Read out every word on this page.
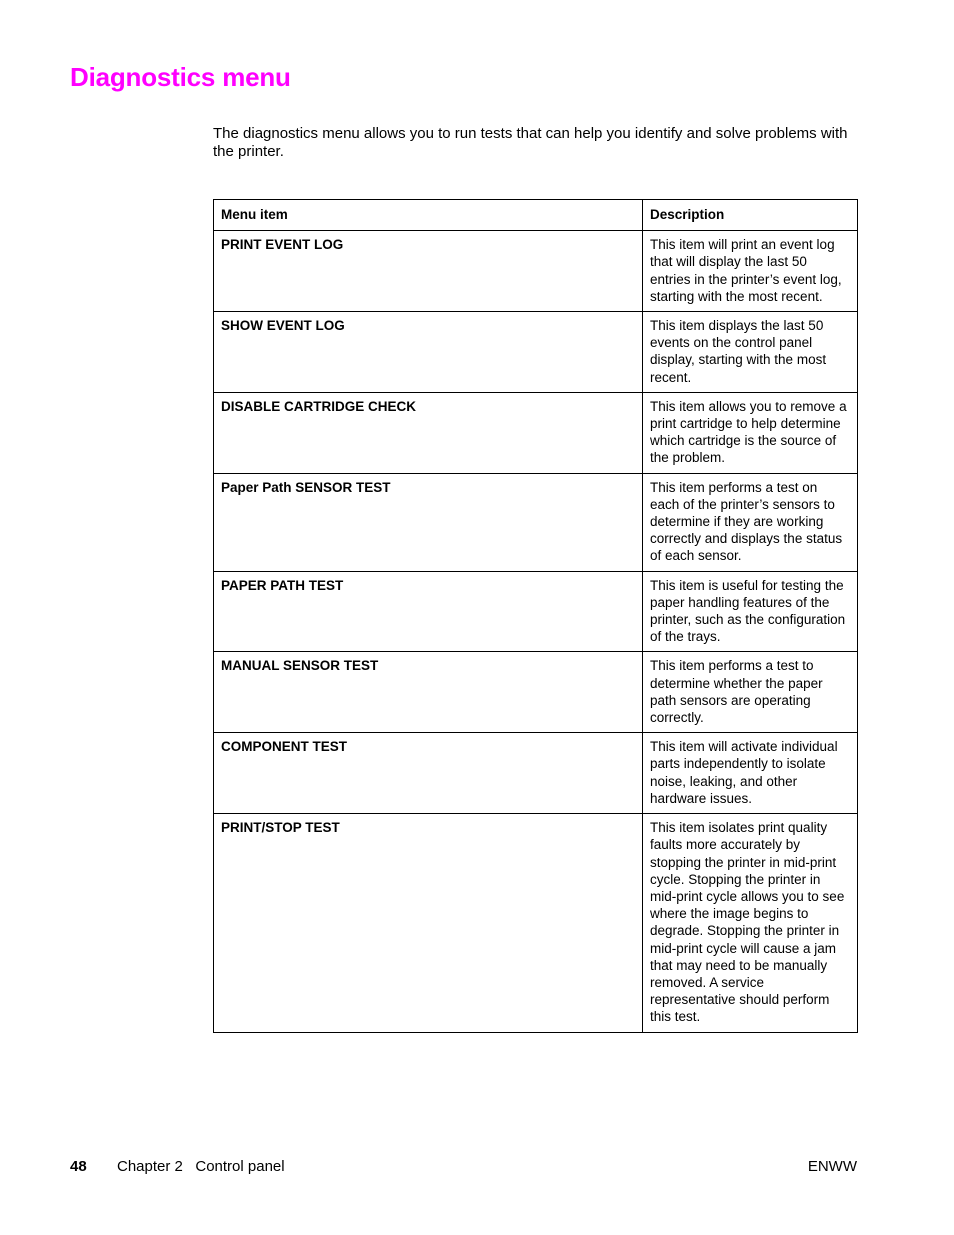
Diagnostics menu

The diagnostics menu allows you to run tests that can help you identify and solve problems with the printer.

Menu item	Description
PRINT EVENT LOG	This item will print an event log that will display the last 50 entries in the printer’s event log, starting with the most recent.
SHOW EVENT LOG	This item displays the last 50 events on the control panel display, starting with the most recent.
DISABLE CARTRIDGE CHECK	This item allows you to remove a print cartridge to help determine which cartridge is the source of the problem.
Paper Path SENSOR TEST	This item performs a test on each of the printer’s sensors to determine if they are working correctly and displays the status of each sensor.
PAPER PATH TEST	This item is useful for testing the paper handling features of the printer, such as the configuration of the trays.
MANUAL SENSOR TEST	This item performs a test to determine whether the paper path sensors are operating correctly.
COMPONENT TEST	This item will activate individual parts independently to isolate noise, leaking, and other hardware issues.
PRINT/STOP TEST	This item isolates print quality faults more accurately by stopping the printer in mid-print cycle. Stopping the printer in mid-print cycle allows you to see where the image begins to degrade. Stopping the printer in mid-print cycle will cause a jam that may need to be manually removed. A service representative should perform this test.
48 Chapter 2   Control panel	ENWW
